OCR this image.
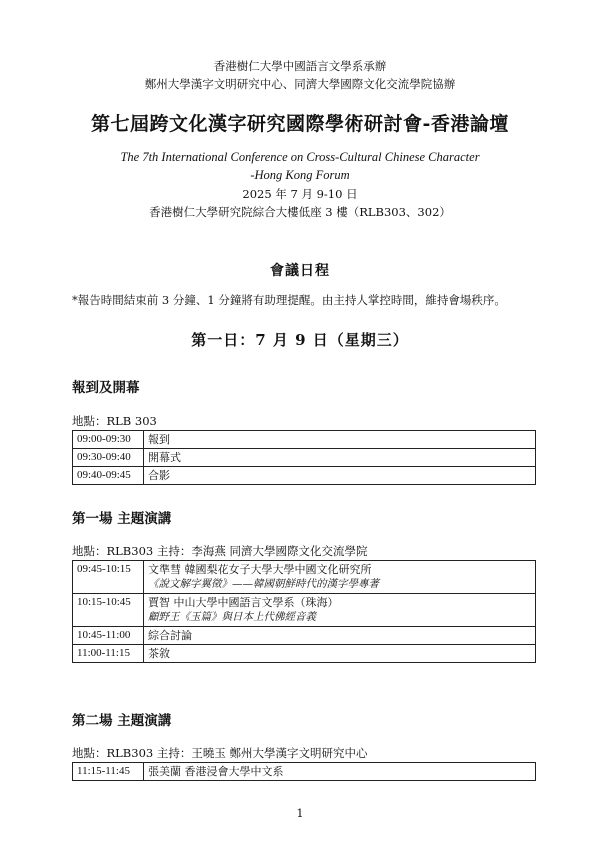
香港樹仁大學中國語言文學系承辦
鄭州大學漢字文明研究中心、同濟大學國際文化交流學院協辦
第七屆跨文化漢字研究國際學術研討會-香港論壇
The 7th International Conference on Cross-Cultural Chinese Character
-Hong Kong Forum
2025 年 7 月 9-10 日
香港樹仁大學研究院綜合大樓低座 3 樓（RLB303、302）
會議日程
*報告時間結束前 3 分鐘、1 分鐘將有助理提醒。由主持人掌控時間，維持會場秩序。
第一日：7 月 9 日（星期三）
報到及開幕
地點：RLB 303
09:00-09:30	報到
09:30-09:40	開幕式
09:40-09:45	合影
第一場 主題演講
地點：RLB303 主持：李海燕 同濟大學國際文化交流學院
09:45-10:15	文準彗 韓國梨花女子大學大學中國文化研究所
《說文解字翼徵》——韓國朝鮮時代的漢字學專著

10:15-10:45	賈智 中山大學中國語言文學系（珠海）
顧野王《玉篇》與日本上代佛經音義

10:45-11:00	綜合討論
11:00-11:15	茶敘
第二場 主題演講
地點：RLB303 主持：王曉玉 鄭州大學漢字文明研究中心
11:15-11:45	張美蘭 香港浸會大學中文系
1
